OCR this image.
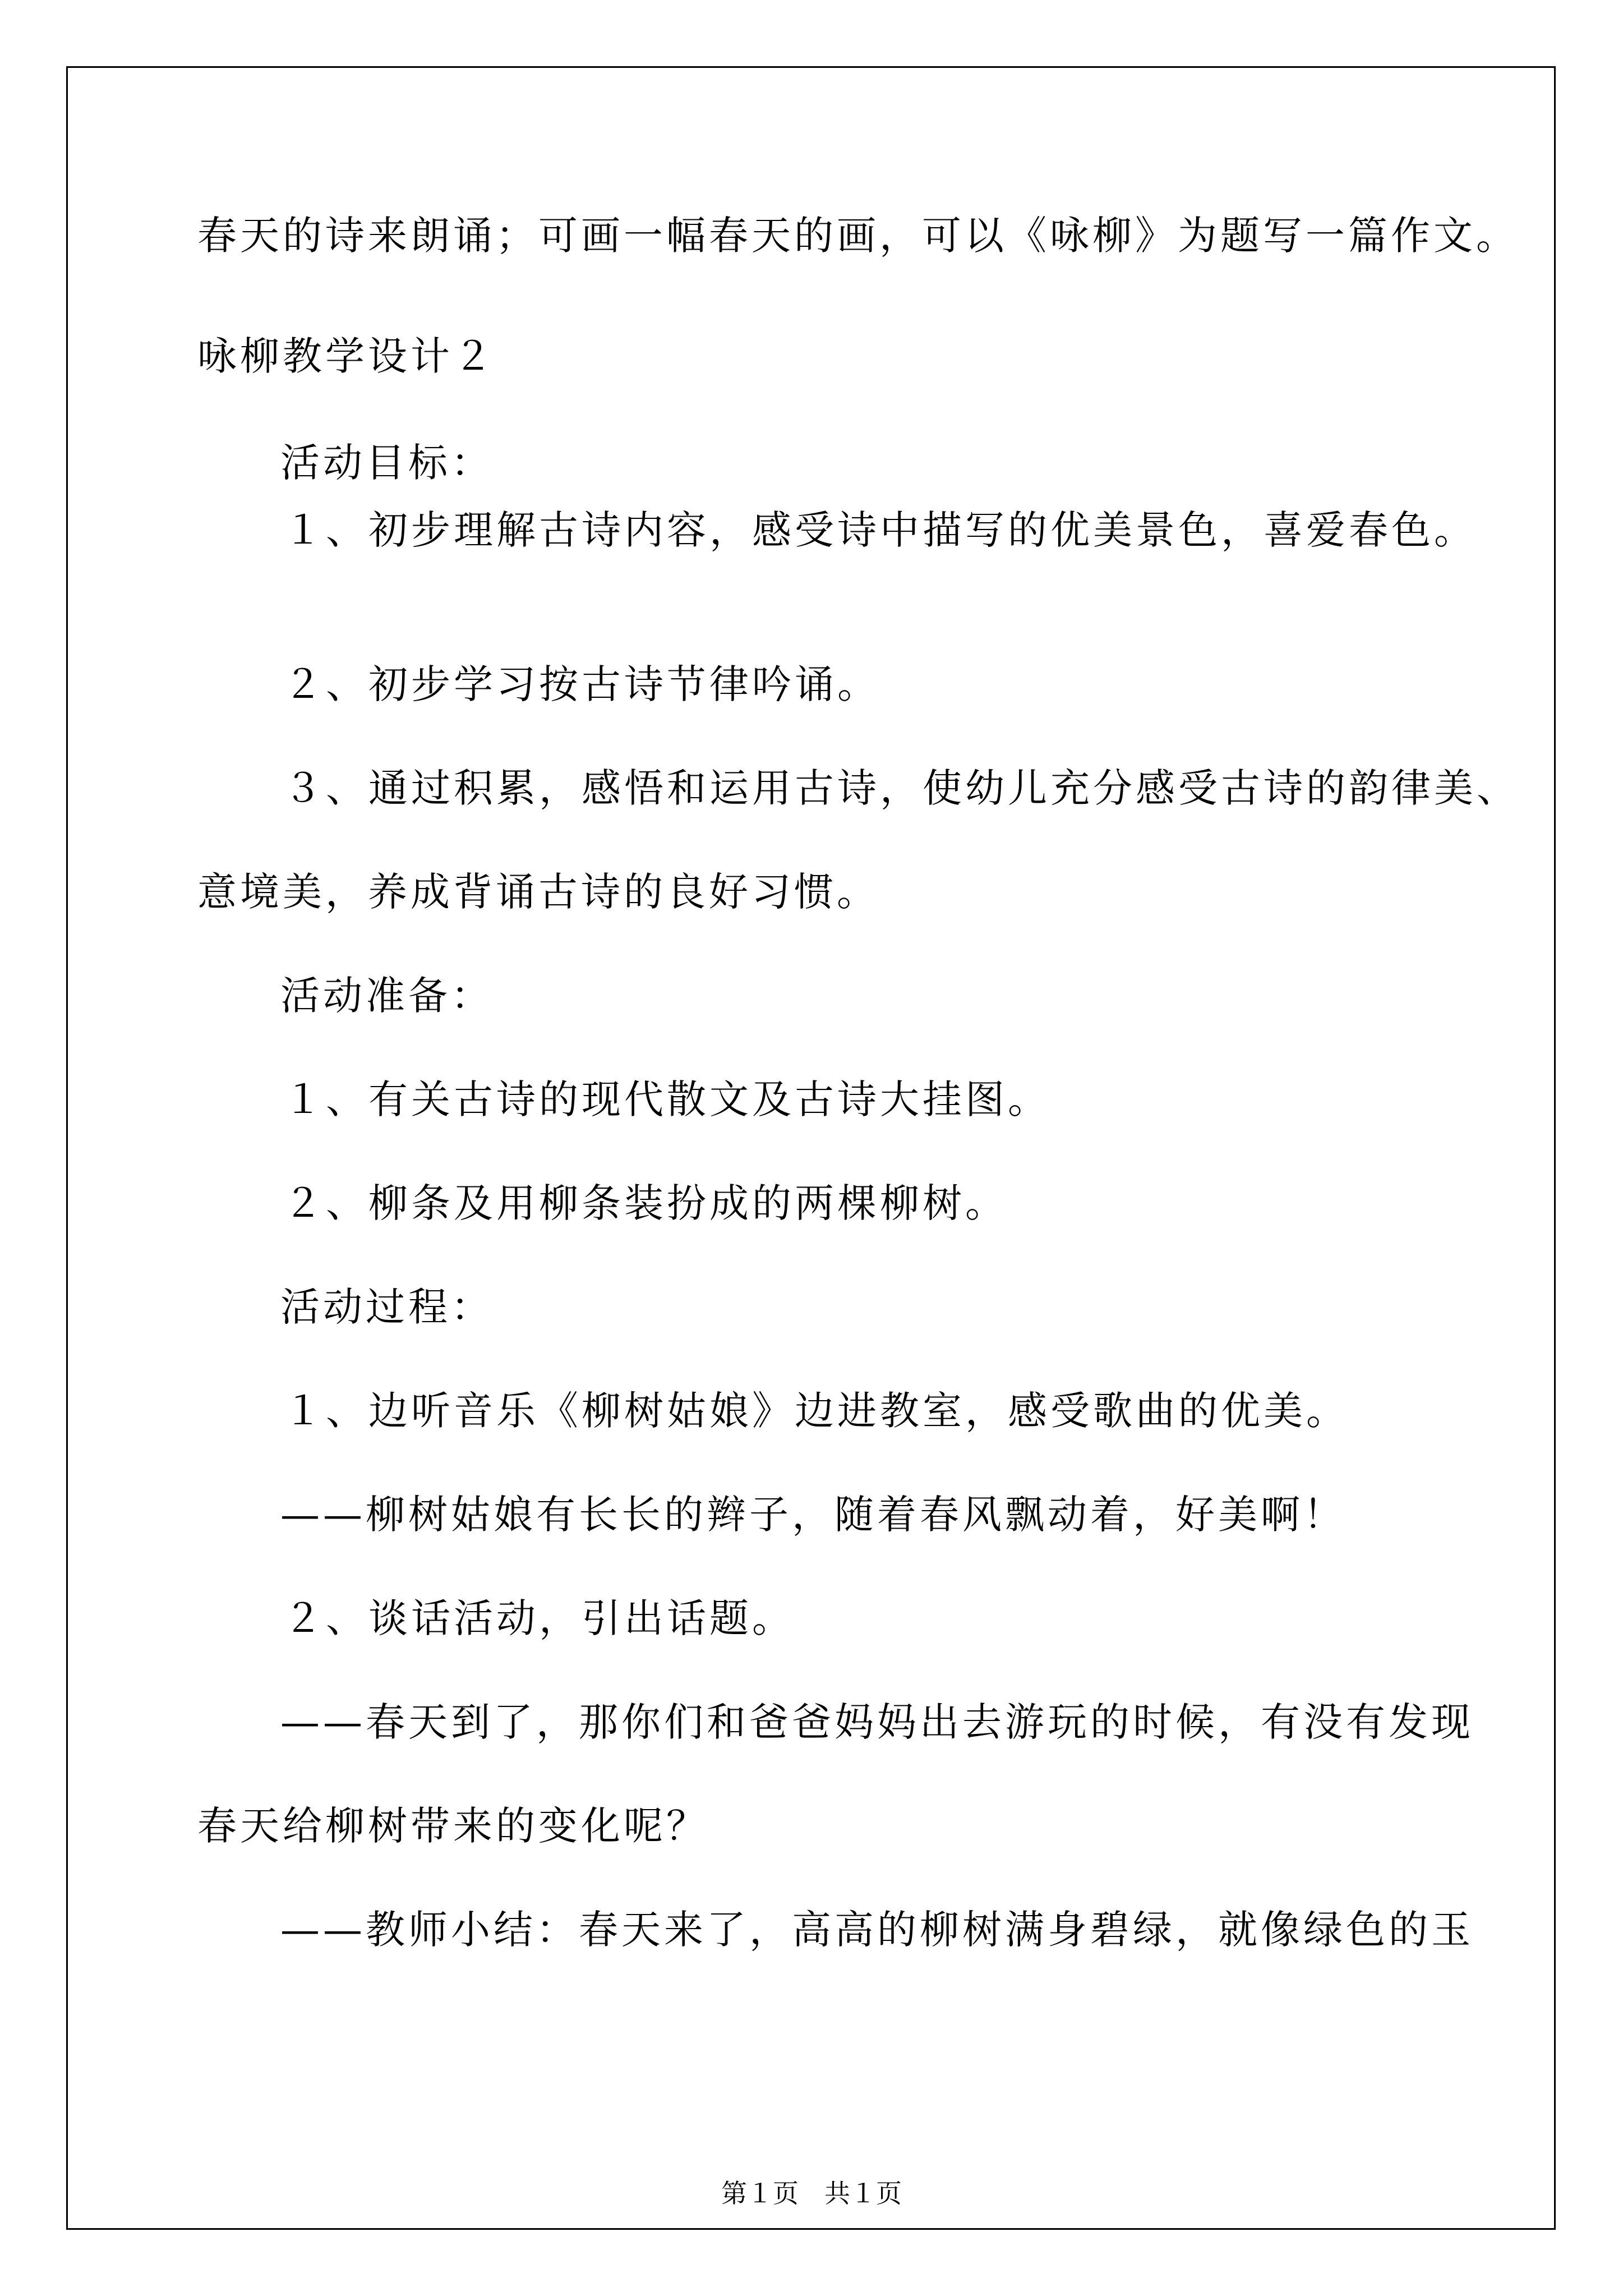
春天的诗来朗诵；可画一幅春天的画，可以《咏柳》为题写一篇作文。
咏柳教学设计２
活动目标：
１、初步理解古诗内容，感受诗中描写的优美景色，喜爱春色。
２、初步学习按古诗节律吟诵。
３、通过积累，感悟和运用古诗，使幼儿充分感受古诗的韵律美、
意境美，养成背诵古诗的良好习惯。
活动准备：
１、有关古诗的现代散文及古诗大挂图。
２、柳条及用柳条装扮成的两棵柳树。
活动过程：
１、边听音乐《柳树姑娘》边进教室，感受歌曲的优美。
——柳树姑娘有长长的辫子，随着春风飘动着，好美啊！
２、谈话活动，引出话题。
——春天到了，那你们和爸爸妈妈出去游玩的时候，有没有发现
春天给柳树带来的变化呢？
——教师小结：春天来了，高高的柳树满身碧绿，就像绿色的玉
第１页　共１页
